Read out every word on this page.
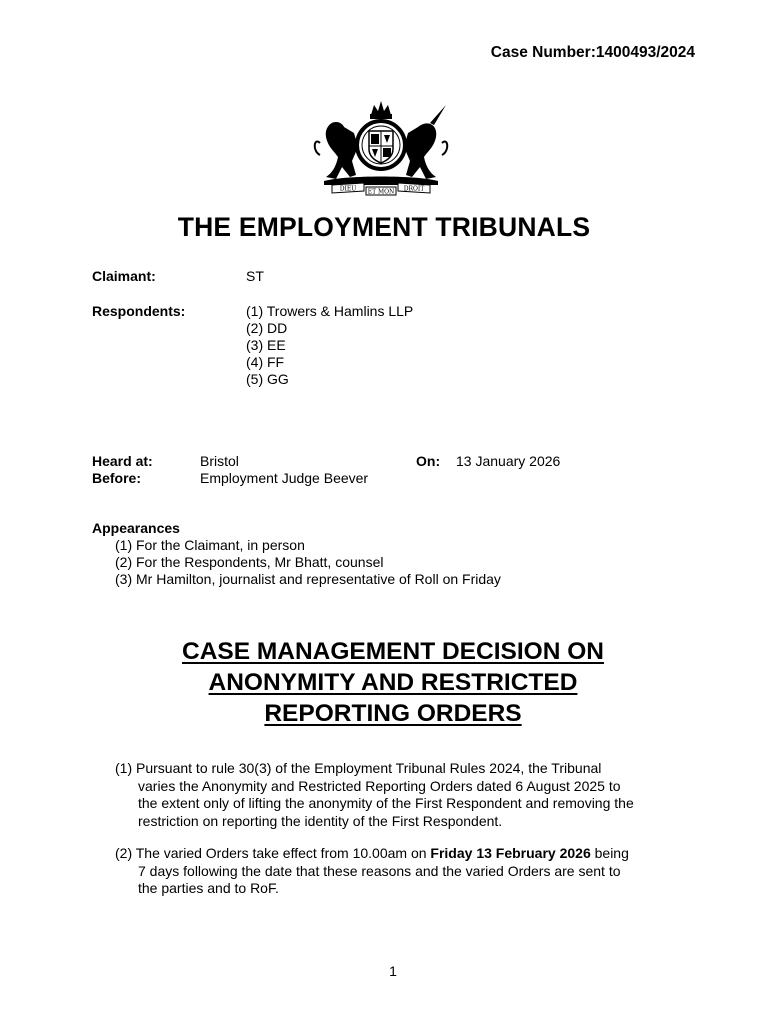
Case Number:1400493/2024
DIEU	DROIT
ET MON
THE EMPLOYMENT TRIBUNALS
Claimant:	ST
Respondents:	(1) Trowers & Hamlins LLP
(2) DD
(3) EE
(4) FF
(5) GG
Heard at:	Bristol	On: 13 January 2026
Before:	Employment Judge Beever
Appearances
(1) For the Claimant, in person
(2) For the Respondents, Mr Bhatt, counsel
(3) Mr Hamilton, journalist and representative of Roll on Friday
CASE MANAGEMENT DECISION ON
ANONYMITY AND RESTRICTED
REPORTING ORDERS
(1) Pursuant to rule 30(3) of the Employment Tribunal Rules 2024, the Tribunal
varies the Anonymity and Restricted Reporting Orders dated 6 August 2025 to
the extent only of lifting the anonymity of the First Respondent and removing the
restriction on reporting the identity of the First Respondent.
(2) The varied Orders take effect from 10.00am on Friday 13 February 2026 being
7 days following the date that these reasons and the varied Orders are sent to
the parties and to RoF.
1
